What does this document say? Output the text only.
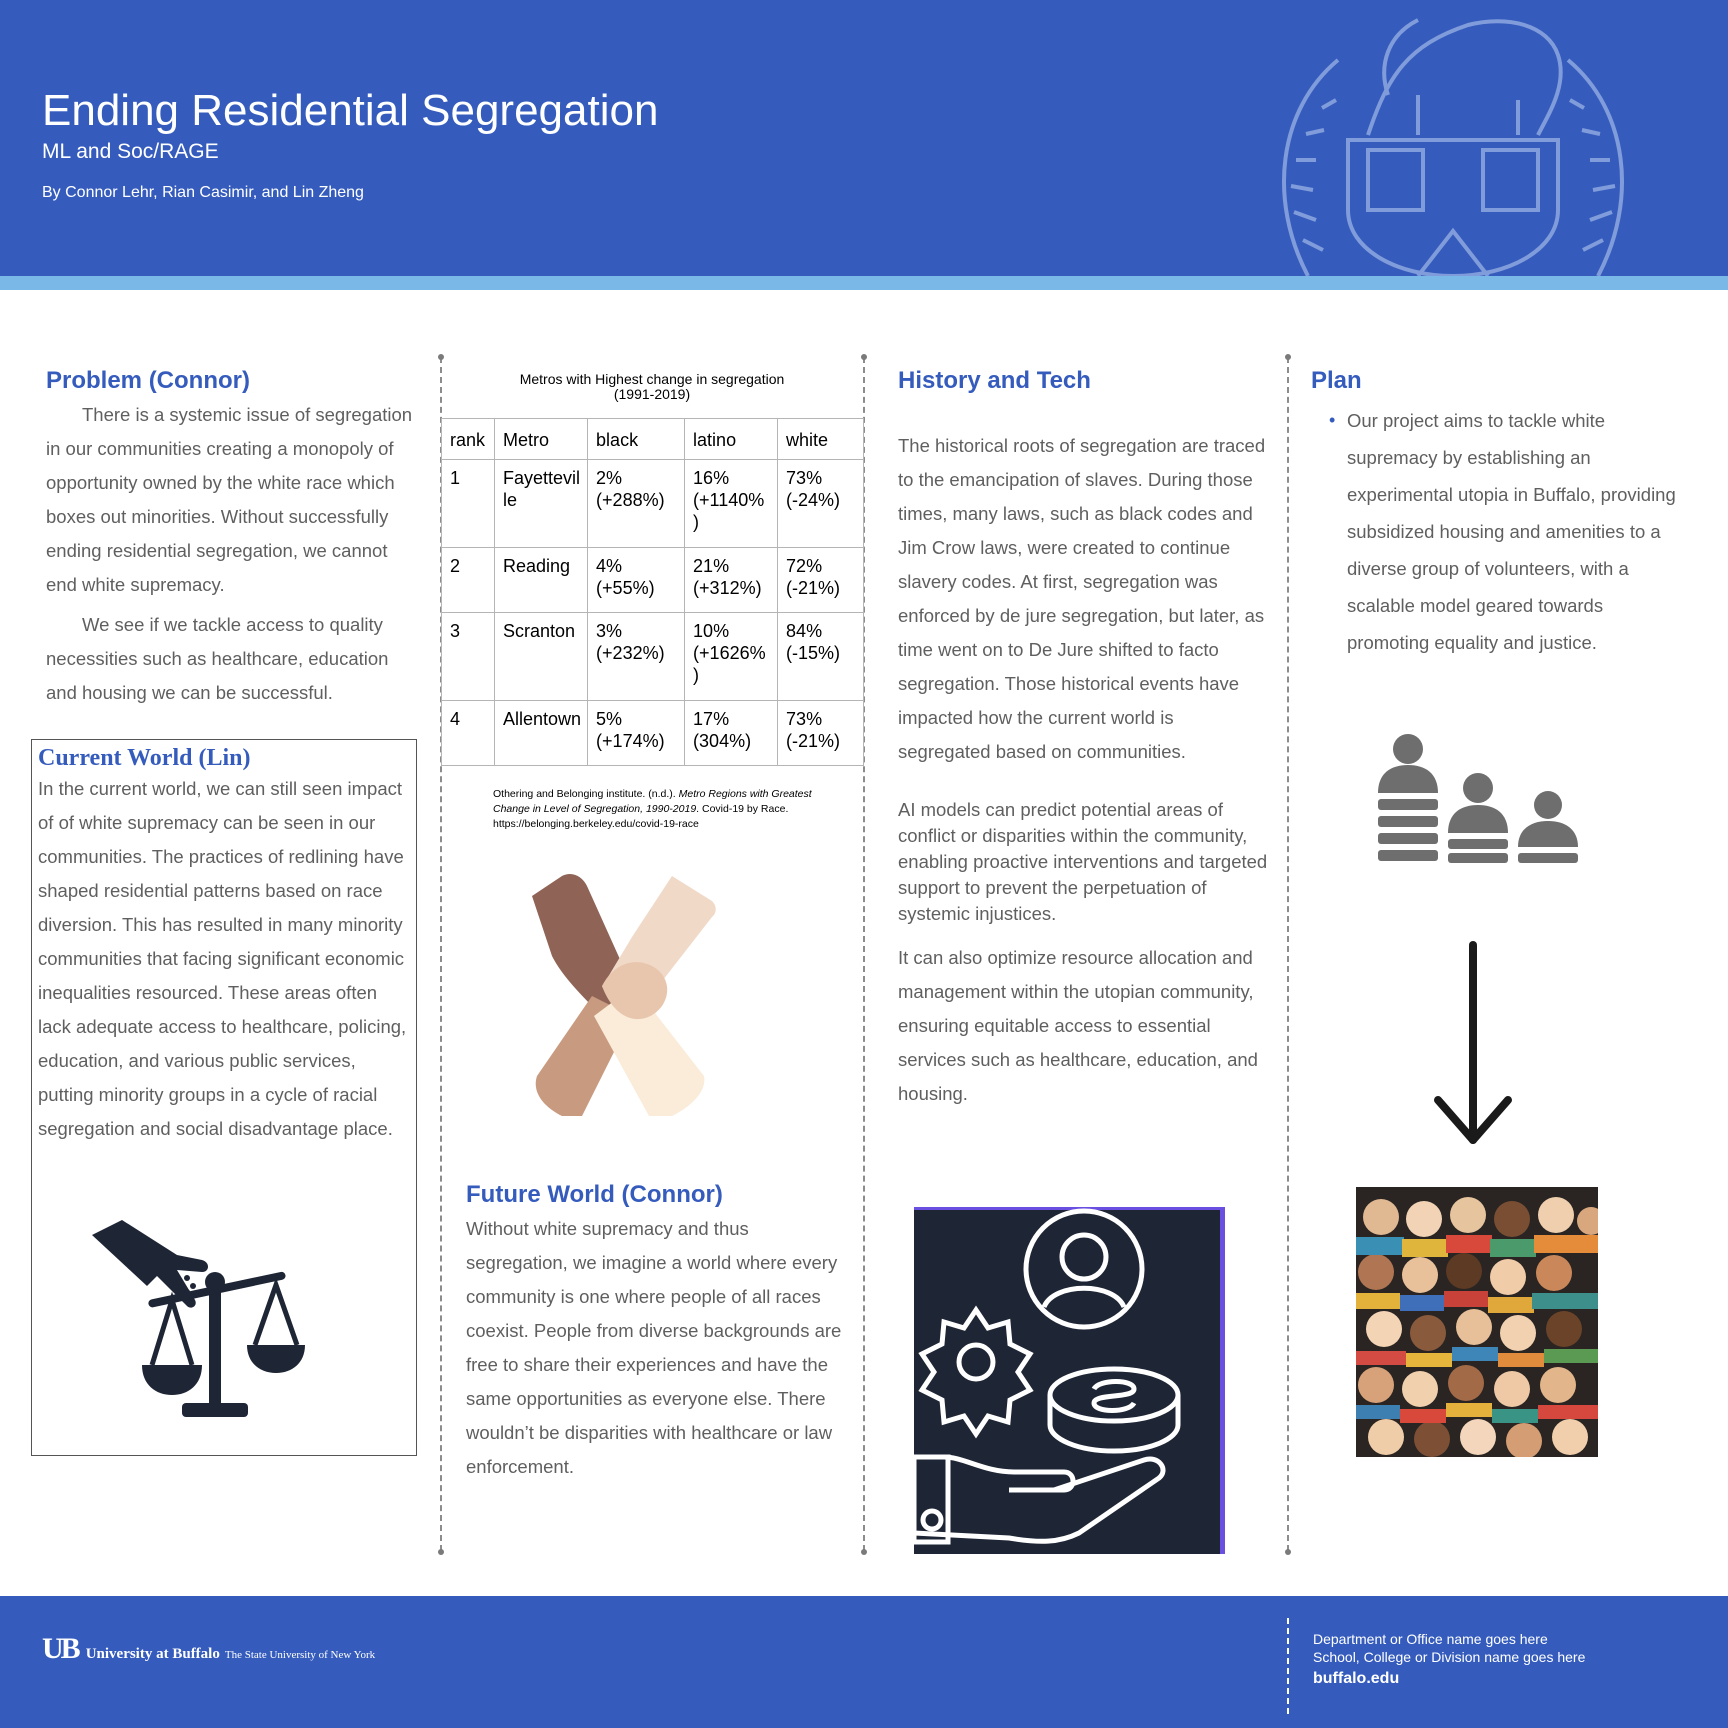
Ending Residential Segregation
ML and Soc/RAGE
By Connor Lehr, Rian Casimir, and Lin Zheng
Problem (Connor)

There is a systemic issue of segregation in our communities creating a monopoly of opportunity owned by the white race which boxes out minorities. Without successfully ending residential segregation, we cannot end white supremacy.

We see if we tackle access to quality necessities such as healthcare, education and housing we can be successful.

Current World (Lin)

In the current world, we can still seen impact of of white supremacy can be seen in our communities. The practices of redlining have shaped residential patterns based on race diversion. This has resulted in many minority communities that facing significant economic inequalities resourced. These areas often lack adequate access to healthcare, policing, education, and various public services, putting minority groups in a cycle of racial segregation and social disadvantage place.

Metros with Highest change in segregation
(1991-2019)
rank	Metro	black	latino	white
1	Fayettevil le	2% (+288%)	16% (+1140% )	73% (-24%)
2	Reading	4% (+55%)	21% (+312%)	72% (-21%)
3	Scranton	3% (+232%)	10% (+1626% )	84% (-15%)
4	Allentown	5% (+174%)	17% (304%)	73% (-21%)
Othering and Belonging institute. (n.d.). Metro Regions with Greatest Change in Level of Segregation, 1990-2019. Covid-19 by Race.
https://belonging.berkeley.edu/covid-19-race
Future World (Connor)

Without white supremacy and thus segregation, we imagine a world where every community is one where people of all races coexist. People from diverse backgrounds are free to share their experiences and have the same opportunities as everyone else. There wouldn’t be disparities with healthcare or law enforcement.

History and Tech

The historical roots of segregation are traced to the emancipation of slaves. During those times, many laws, such as black codes and Jim Crow laws, were created to continue slavery codes. At first, segregation was enforced by de jure segregation, but later, as time went on to De Jure shifted to facto segregation. Those historical events have impacted how the current world is segregated based on communities.

AI models can predict potential areas of conflict or disparities within the community, enabling proactive interventions and targeted support to prevent the perpetuation of systemic injustices.

It can also optimize resource allocation and management within the utopian community, ensuring equitable access to essential services such as healthcare, education, and housing.

Plan
• Our project aims to tackle white supremacy by establishing an experimental utopia in Buffalo, providing subsidized housing and amenities to a diverse group of volunteers, with a scalable model geared towards promoting equality and justice.

UB University at Buffalo The State University of New York
Department or Office name goes here
School, College or Division name goes here
buffalo.edu
